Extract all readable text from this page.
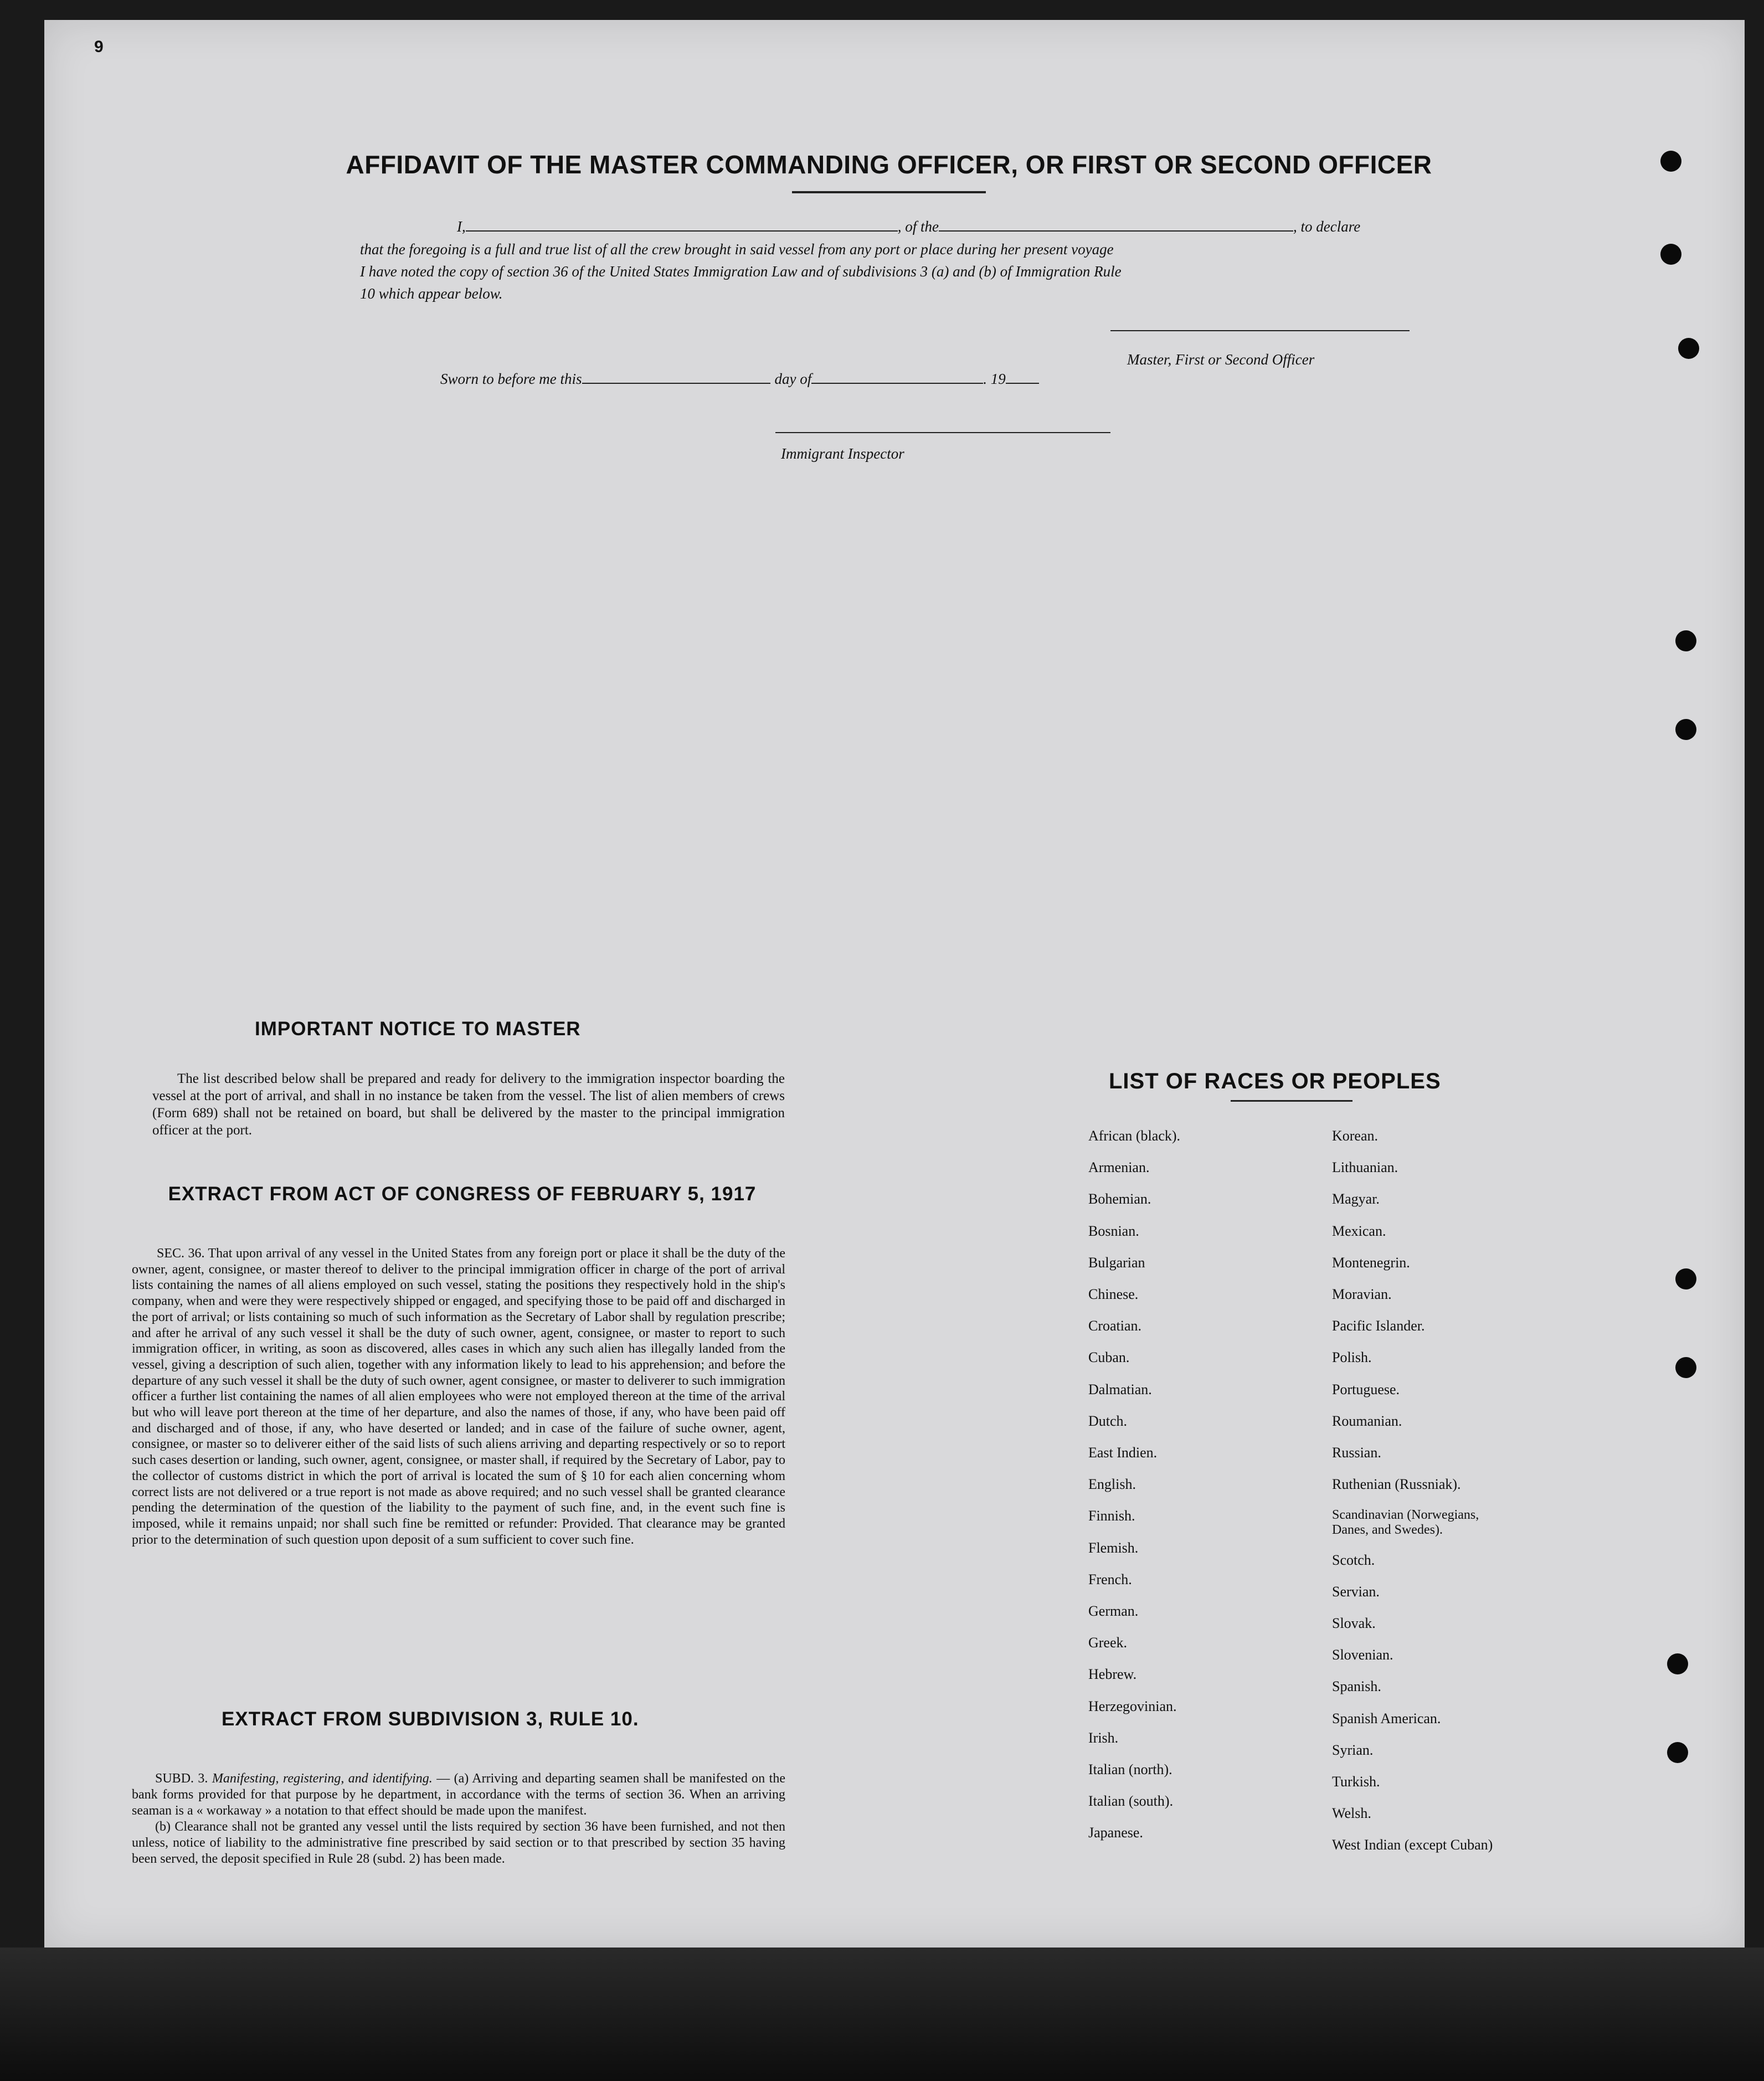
9
AFFIDAVIT OF THE MASTER COMMANDING OFFICER, OR FIRST OR SECOND OFFICER
I,	, of the	, to declare
that the foregoing is a full and true list of all the crew brought in said vessel from any port or place during her present voyage
I have noted the copy of section 36 of the United States Immigration Law and of subdivisions 3 (a) and (b) of Immigration Rule
10 which appear below.
Master, First or Second Officer
Sworn to before me this	day of	. 19
Immigrant Inspector
IMPORTANT NOTICE TO MASTER
The list described below shall be prepared and ready for delivery to the immigration inspector boarding the vessel at the port of arrival, and shall in no instance be taken from the vessel. The list of alien members of crews (Form 689) shall not be retained on board, but shall be delivered by the master to the principal immigration officer at the port.
EXTRACT FROM ACT OF CONGRESS OF FEBRUARY 5, 1917
SEC. 36. That upon arrival of any vessel in the United States from any foreign port or place it shall be the duty of the owner, agent, consignee, or master thereof to deliver to the principal immigration officer in charge of the port of arrival lists containing the names of all aliens employed on such vessel, stating the positions they respectively hold in the ship's company, when and were they were respectively shipped or engaged, and specifying those to be paid off and discharged in the port of arrival; or lists containing so much of such information as the Secretary of Labor shall by regulation prescribe; and after he arrival of any such vessel it shall be the duty of such owner, agent, consignee, or master to report to such immigration officer, in writing, as soon as discovered, alles cases in which any such alien has illegally landed from the vessel, giving a description of such alien, together with any information likely to lead to his apprehension; and before the departure of any such vessel it shall be the duty of such owner, agent consignee, or master to deliverer to such immigration officer a further list containing the names of all alien employees who were not employed thereon at the time of the arrival but who will leave port thereon at the time of her departure, and also the names of those, if any, who have been paid off and discharged and of those, if any, who have deserted or landed; and in case of the failure of suche owner, agent, consignee, or master so to deliverer either of the said lists of such aliens arriving and departing respectively or so to report such cases desertion or landing, such owner, agent, consignee, or master shall, if required by the Secretary of Labor, pay to the collector of customs district in which the port of arrival is located the sum of § 10 for each alien concerning whom correct lists are not delivered or a true report is not made as above required; and no such vessel shall be granted clearance pending the determination of the question of the liability to the payment of such fine, and, in the event such fine is imposed, while it remains unpaid; nor shall such fine be remitted or refunder: Provided. That clearance may be granted prior to the determination of such question upon deposit of a sum sufficient to cover such fine.
EXTRACT FROM SUBDIVISION 3, RULE 10.
SUBD. 3. Manifesting, registering, and identifying. — (a) Arriving and departing seamen shall be manifested on the bank forms provided for that purpose by he department, in accordance with the terms of section 36. When an arriving seaman is a « workaway » a notation to that effect should be made upon the manifest.
(b) Clearance shall not be granted any vessel until the lists required by section 36 have been furnished, and not then unless, notice of liability to the administrative fine prescribed by said section or to that prescribed by section 35 having been served, the deposit specified in Rule 28 (subd. 2) has been made.
LIST OF RACES OR PEOPLES
African (black).
Armenian.
Bohemian.
Bosnian.
Bulgarian
Chinese.
Croatian.
Cuban.
Dalmatian.
Dutch.
East Indien.
English.
Finnish.
Flemish.
French.
German.
Greek.
Hebrew.
Herzegovinian.
Irish.
Italian (north).
Italian (south).
Japanese.
Korean.
Lithuanian.
Magyar.
Mexican.
Montenegrin.
Moravian.
Pacific Islander.
Polish.
Portuguese.
Roumanian.
Russian.
Ruthenian (Russniak).
Scandinavian (Norwegians, Danes, and Swedes).
Scotch.
Servian.
Slovak.
Slovenian.
Spanish.
Spanish American.
Syrian.
Turkish.
Welsh.
West Indian (except Cuban)
